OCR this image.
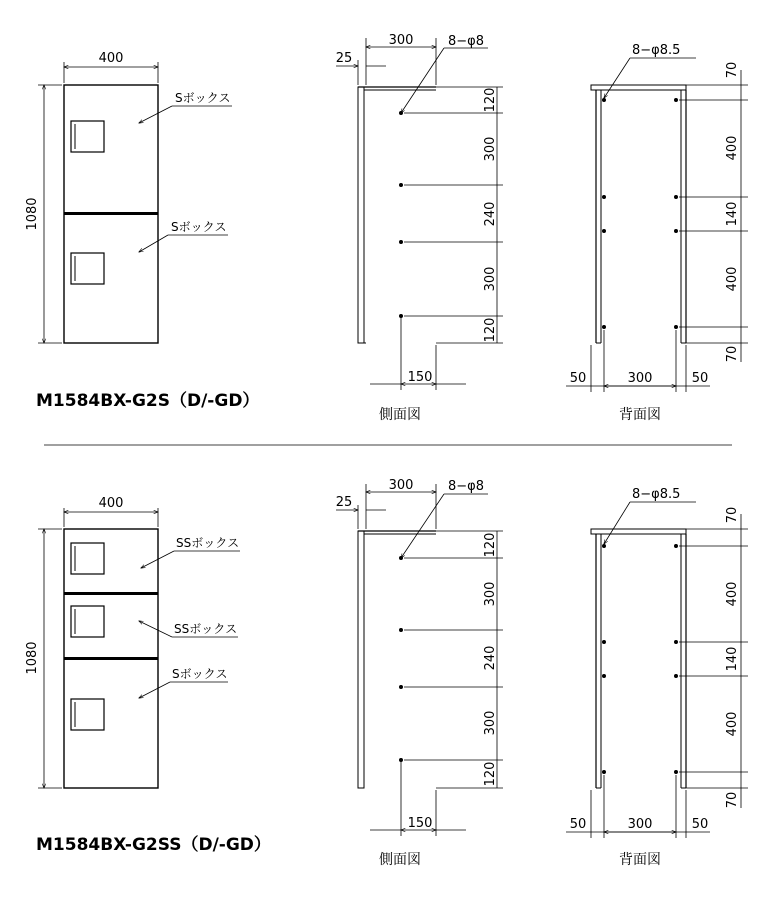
400
1080
Sボックス
Sボックス
M1584BX-G2S（D/-GD）
300
25
8−φ8
120
300
240
300
120
150
側面図
8−φ8.5
70
400
140
400
70
50	300	50
背面図
400
1080
SSボックス
SSボックス
Sボックス
M1584BX-G2SS（D/-GD）
300
25
8−φ8
120
300
240
300
120
150
側面図
8−φ8.5
70
400
140
400
70
50	300	50
背面図
